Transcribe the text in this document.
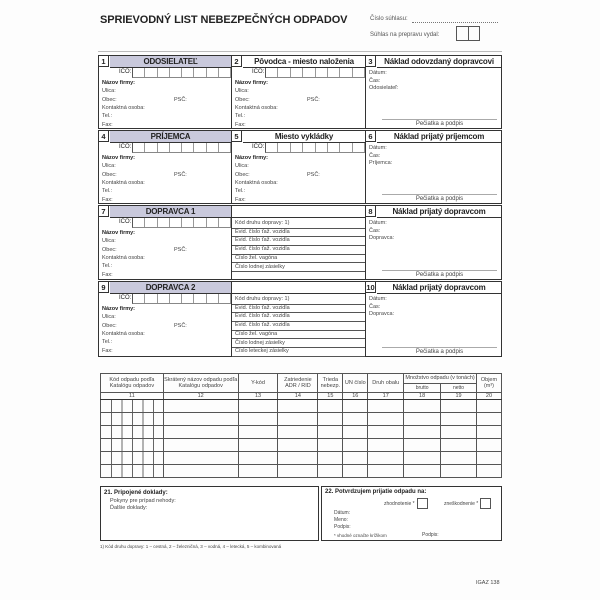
SPRIEVODNÝ LIST NEBEZPEČNÝCH ODPADOV	Číslo súhlasu:
Súhlas na prepravu vydal:
ODOSIELATEĽ
1
IČO:
Názov firmy:
Ulica:
Obec:
Kontaktná osoba:
Tel.:
Fax:
PSČ:
Pôvodca - miesto naloženia
2
IČO:
Názov firmy:
Ulica:
Obec:
Kontaktná osoba:
Tel.:
Fax:
PSČ:
Náklad odovzdaný dopravcovi
3
Dátum:
Čas:
Odosielateľ:
Pečiatka a podpis
PRÍJEMCA
4
IČO:
Názov firmy:
Ulica:
Obec:
Kontaktná osoba:
Tel.:
Fax:
PSČ:
Miesto vykládky
5
IČO:
Názov firmy:
Ulica:
Obec:
Kontaktná osoba:
Tel.:
Fax:
PSČ:
Náklad prijatý príjemcom
6
Dátum:
Čas:
Príjemca:
Pečiatka a podpis
DOPRAVCA 1
7
IČO:
Názov firmy:
Ulica:
Obec:
Kontaktná osoba:
Tel.:
Fax:
PSČ:
Kód druhu dopravy: 1)
Evid. číslo ťaž. vozidla
Evid. číslo ťaž. vozidla
Evid. číslo ťaž. vozidla
Číslo žel. vagóna
Číslo lodnej zásielky
Náklad prijatý dopravcom
8
Dátum:
Čas:
Dopravca:
Pečiatka a podpis
DOPRAVCA 2
9
IČO:
Názov firmy:
Ulica:
Obec:
Kontaktná osoba:
Tel.:
Fax:
PSČ:
Kód druhu dopravy: 1)
Evid. číslo ťaž. vozidla
Evid. číslo ťaž. vozidla
Evid. číslo ťaž. vozidla
Číslo žel. vagóna
Číslo lodnej zásielky
Číslo leteckej zásielky
Náklad prijatý dopravcom
10
Dátum:
Čas:
Dopravca:
Pečiatka a podpis
Kód odpadu podľa Katalógu odpadov	Skrátený názov odpadu podľa Katalógu odpadov	Y-kód	Zatriedenie ADR / RID	Trieda nebezp.	UN číslo	Druh obalu	Množstvo odpadu (v tonách)		Objem (m³)
							brutto	netto	
11	12	13	14	15	16	17	18	19	20

21. Pripojené doklady:
Pokyny pre prípad nehody:
Ďalšie doklady:
22. Potvrdzujem prijatie odpadu na:
zhodnotenie *	zneškodnenie *
Dátum:
Meno:
Podpis:
* vhodné označte krížikom	Podpis:
1) Kód druhu dopravy: 1 – cestná, 2 – železničná, 3 – vodná, 4 – letecká, 5 – kombinovaná
IGAZ 138
